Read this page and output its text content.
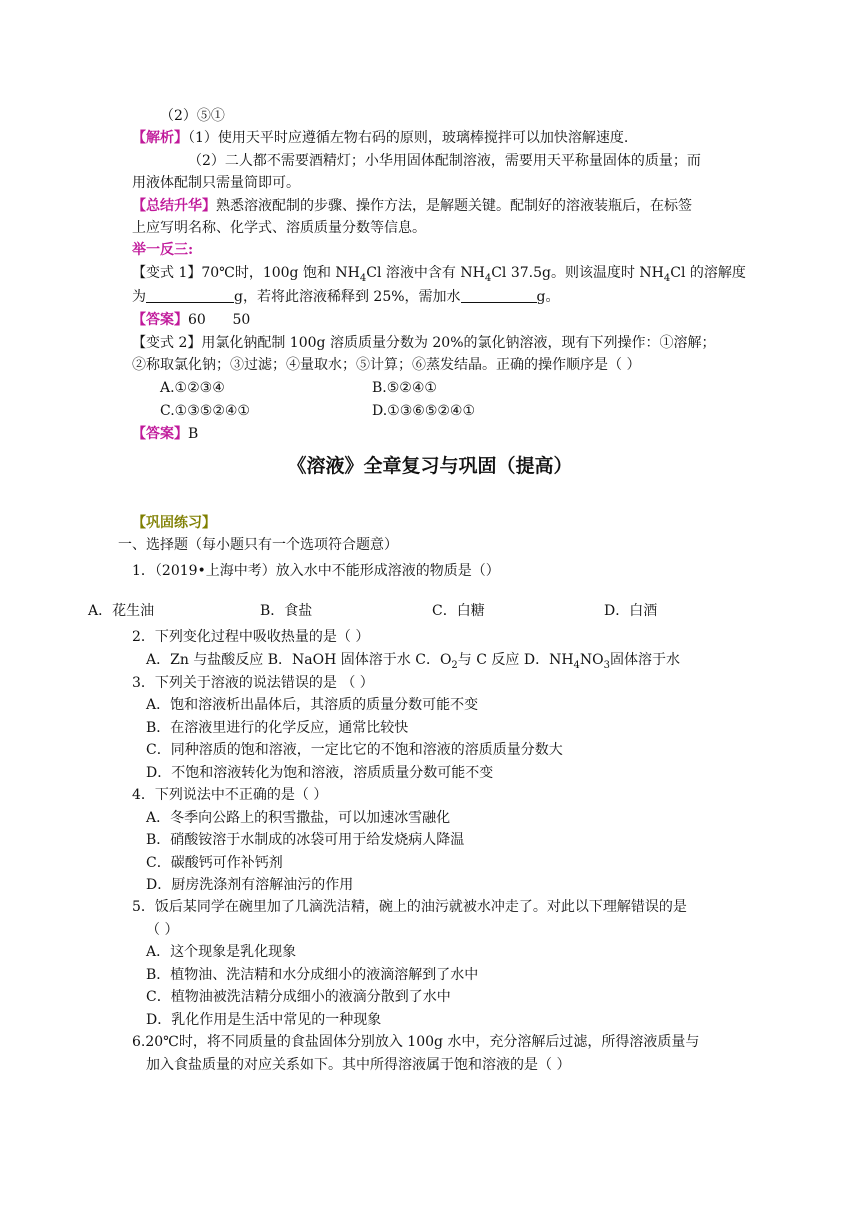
（2）⑤①
【解析】（1）使用天平时应遵循左物右码的原则，玻璃棒搅拌可以加快溶解速度.
（2）二人都不需要酒精灯；小华用固体配制溶液，需要用天平称量固体的质量；而
用液体配制只需量筒即可。
【总结升华】熟悉溶液配制的步骤、操作方法，是解题关键。配制好的溶液装瓶后，在标签
上应写明名称、化学式、溶质质量分数等信息。
举一反三:
【变式 1】70℃时，100g 饱和 $NH_4Cl$ 溶液中含有 $NH_4Cl$ 37.5g。则该温度时 $NH_4Cl$ 的溶解度
为	g，若将此溶液稀释到 25%，需加水	g。
【答案】60      50
【变式 2】用氯化钠配制 100g 溶质质量分数为 20%的氯化钠溶液，现有下列操作：①溶解；
②称取氯化钠；③过滤；④量取水；⑤计算；⑥蒸发结晶。正确的操作顺序是（ ）
A.①②③④	B.⑤②④①
C.①③⑤②④①	D.①③⑥⑤②④①
【答案】B
《溶液》全章复习与巩固（提高）
【巩固练习】
一、选择题（每小题只有一个选项符合题意）
1．（2019•上海中考）放入水中不能形成溶液的物质是（）
A．花生油	B．食盐	C．白糖	D．白酒
2．下列变化过程中吸收热量的是（ ）
A．Zn 与盐酸反应 B．NaOH 固体溶于水 C．$O_2$与 C 反应 D．$NH_4NO_3$固体溶于水
3．下列关于溶液的说法错误的是 （ ）
A．饱和溶液析出晶体后，其溶质的质量分数可能不变
B．在溶液里进行的化学反应，通常比较快
C．同种溶质的饱和溶液，一定比它的不饱和溶液的溶质质量分数大
D．不饱和溶液转化为饱和溶液，溶质质量分数可能不变
4．下列说法中不正确的是（ ）
A．冬季向公路上的积雪撒盐，可以加速冰雪融化
B．硝酸铵溶于水制成的冰袋可用于给发烧病人降温
C．碳酸钙可作补钙剂
D．厨房洗涤剂有溶解油污的作用
5．饭后某同学在碗里加了几滴洗洁精，碗上的油污就被水冲走了。对此以下理解错误的是
（ ）
A．这个现象是乳化现象
B．植物油、洗洁精和水分成细小的液滴溶解到了水中
C．植物油被洗洁精分成细小的液滴分散到了水中
D．乳化作用是生活中常见的一种现象
6.20℃时，将不同质量的食盐固体分别放入 100g 水中，充分溶解后过滤，所得溶液质量与
加入食盐质量的对应关系如下。其中所得溶液属于饱和溶液的是（ ）
